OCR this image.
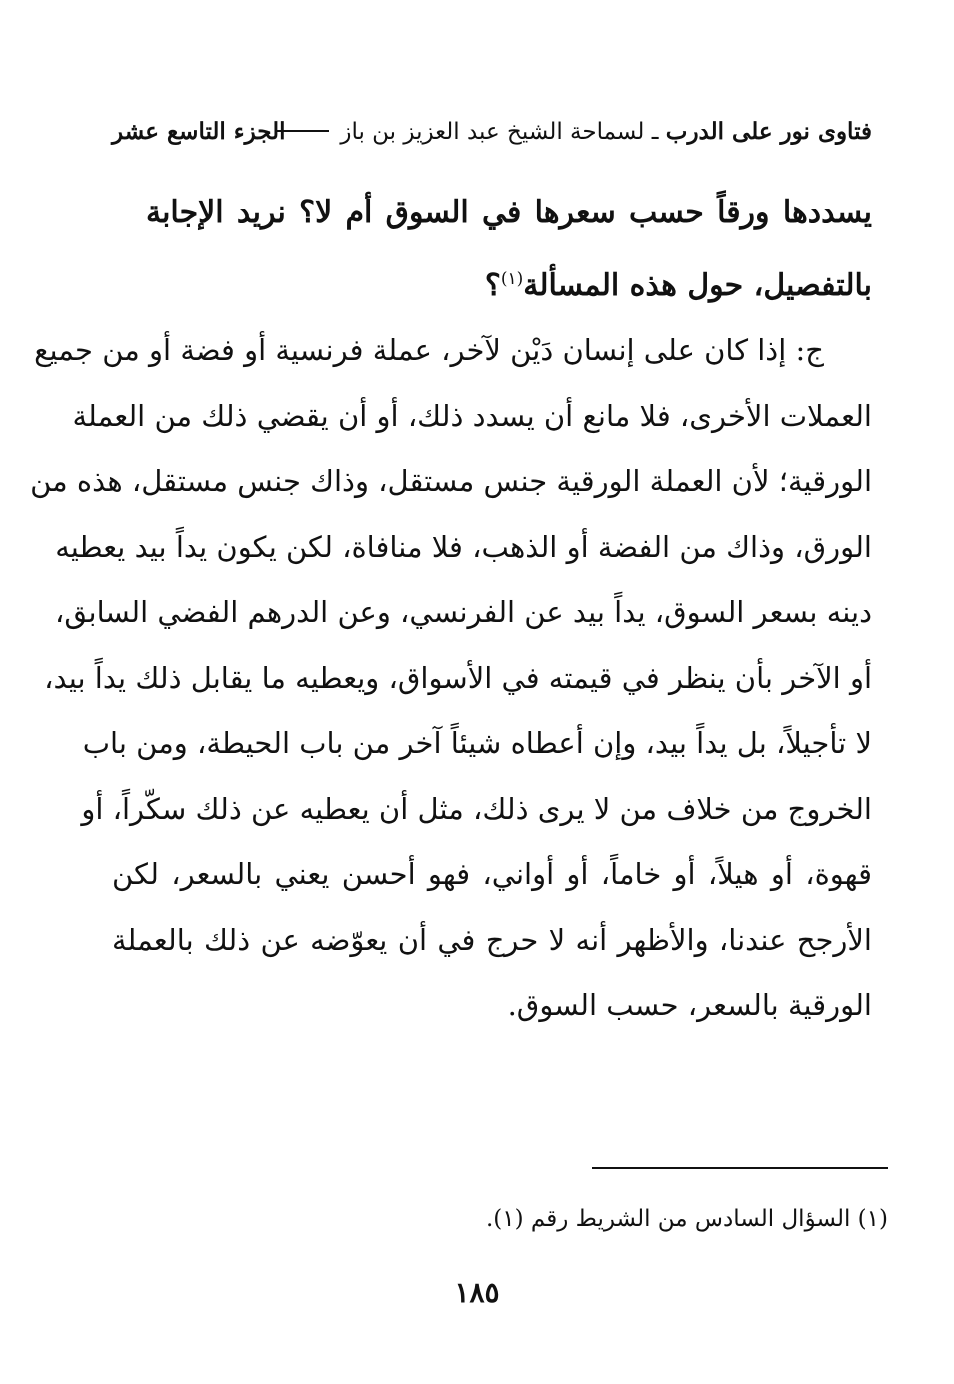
فتاوى نور على الدرب ـ لسماحة الشيخ عبد العزيز بن باز
الجزء التاسع عشر
يسددها ورقاً حسب سعرها في السوق أم لا؟ نريد الإجابة
بالتفصيل، حول هذه المسألة$^{(١)}$؟
ج: إذا كان على إنسان دَيْن لآخر، عملة فرنسية أو فضة أو من جميع
العملات الأخرى، فلا مانع أن يسدد ذلك، أو أن يقضي ذلك من العملة
الورقية؛ لأن العملة الورقية جنس مستقل، وذاك جنس مستقل، هذه من
الورق، وذاك من الفضة أو الذهب، فلا منافاة، لكن يكون يداً بيد يعطيه
دينه بسعر السوق، يداً بيد عن الفرنسي، وعن الدرهم الفضي السابق،
أو الآخر بأن ينظر في قيمته في الأسواق، ويعطيه ما يقابل ذلك يداً بيد،
لا تأجيلاً، بل يداً بيد، وإن أعطاه شيئاً آخر من باب الحيطة، ومن باب
الخروج من خلاف من لا يرى ذلك، مثل أن يعطيه عن ذلك سكّراً، أو
قهوة، أو هيلاً، أو خاماً، أو أواني، فهو أحسن يعني بالسعر، لكن
الأرجح عندنا، والأظهر أنه لا حرج في أن يعوّضه عن ذلك بالعملة
الورقية بالسعر، حسب السوق.
(١) السؤال السادس من الشريط رقم (١).
١٨٥
